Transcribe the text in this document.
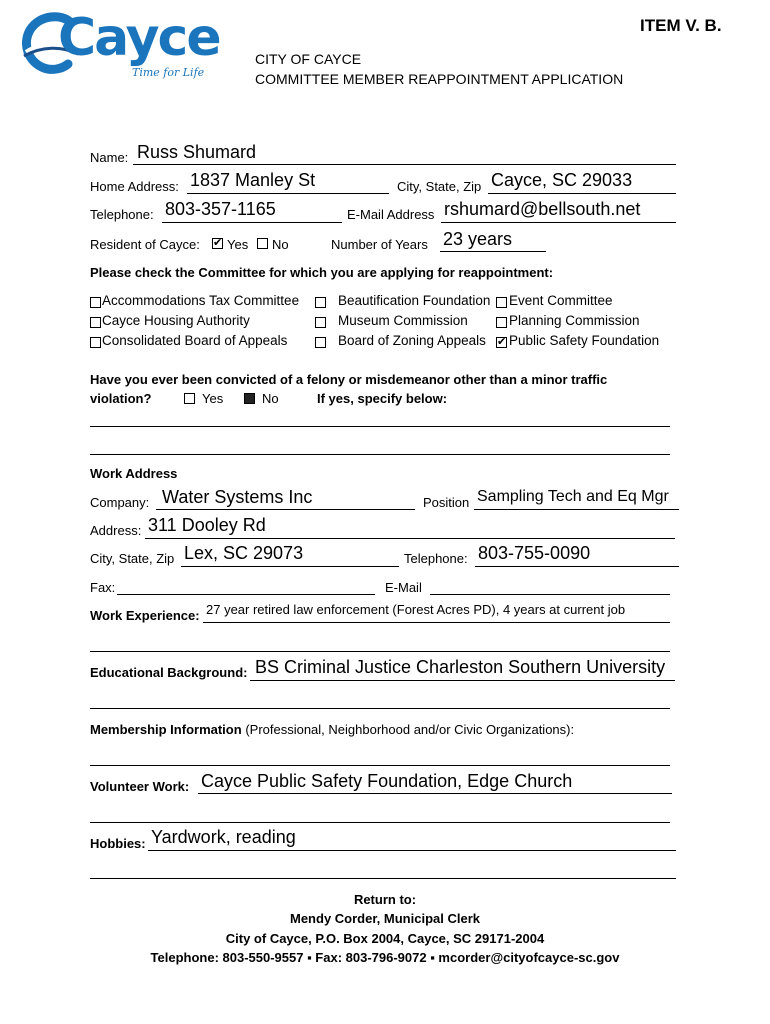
Cayce
Time for Life
ITEM V. B.
CITY OF CAYCE
COMMITTEE MEMBER REAPPOINTMENT APPLICATION
Name: Russ Shumard
Home Address: 1837 Manley St	City, State, Zip Cayce, SC 29033
Telephone: 803-357-1165	E-Mail Address rshumard@bellsouth.net
Resident of Cayce:
✔ Yes No	Number of Years 23 years
Please check the Committee for which you are applying for reappointment:
Accommodations Tax Committee
Cayce Housing Authority
Consolidated Board of Appeals
Beautification Foundation
Museum Commission
Board of Zoning Appeals
Event Committee
Planning Commission
✔
Public Safety Foundation
Have you ever been convicted of a felony or misdemeanor other than a minor traffic
violation?	Yes	No	If yes, specify below:
Work Address
Company: Water Systems Inc	Position Sampling Tech and Eq Mgr
Address: 311 Dooley Rd
City, State, Zip Lex, SC 29073	Telephone: 803-755-0090
Fax:	E-Mail
Work Experience: 27 year retired law enforcement (Forest Acres PD), 4 years at current job
Educational Background: BS Criminal Justice Charleston Southern University
Membership Information (Professional, Neighborhood and/or Civic Organizations):
Volunteer Work: Cayce Public Safety Foundation, Edge Church
Hobbies: Yardwork, reading
Return to:
Mendy Corder, Municipal Clerk
City of Cayce, P.O. Box 2004, Cayce, SC 29171-2004
Telephone: 803-550-9557 ▪ Fax: 803-796-9072 ▪ mcorder@cityofcayce-sc.gov
